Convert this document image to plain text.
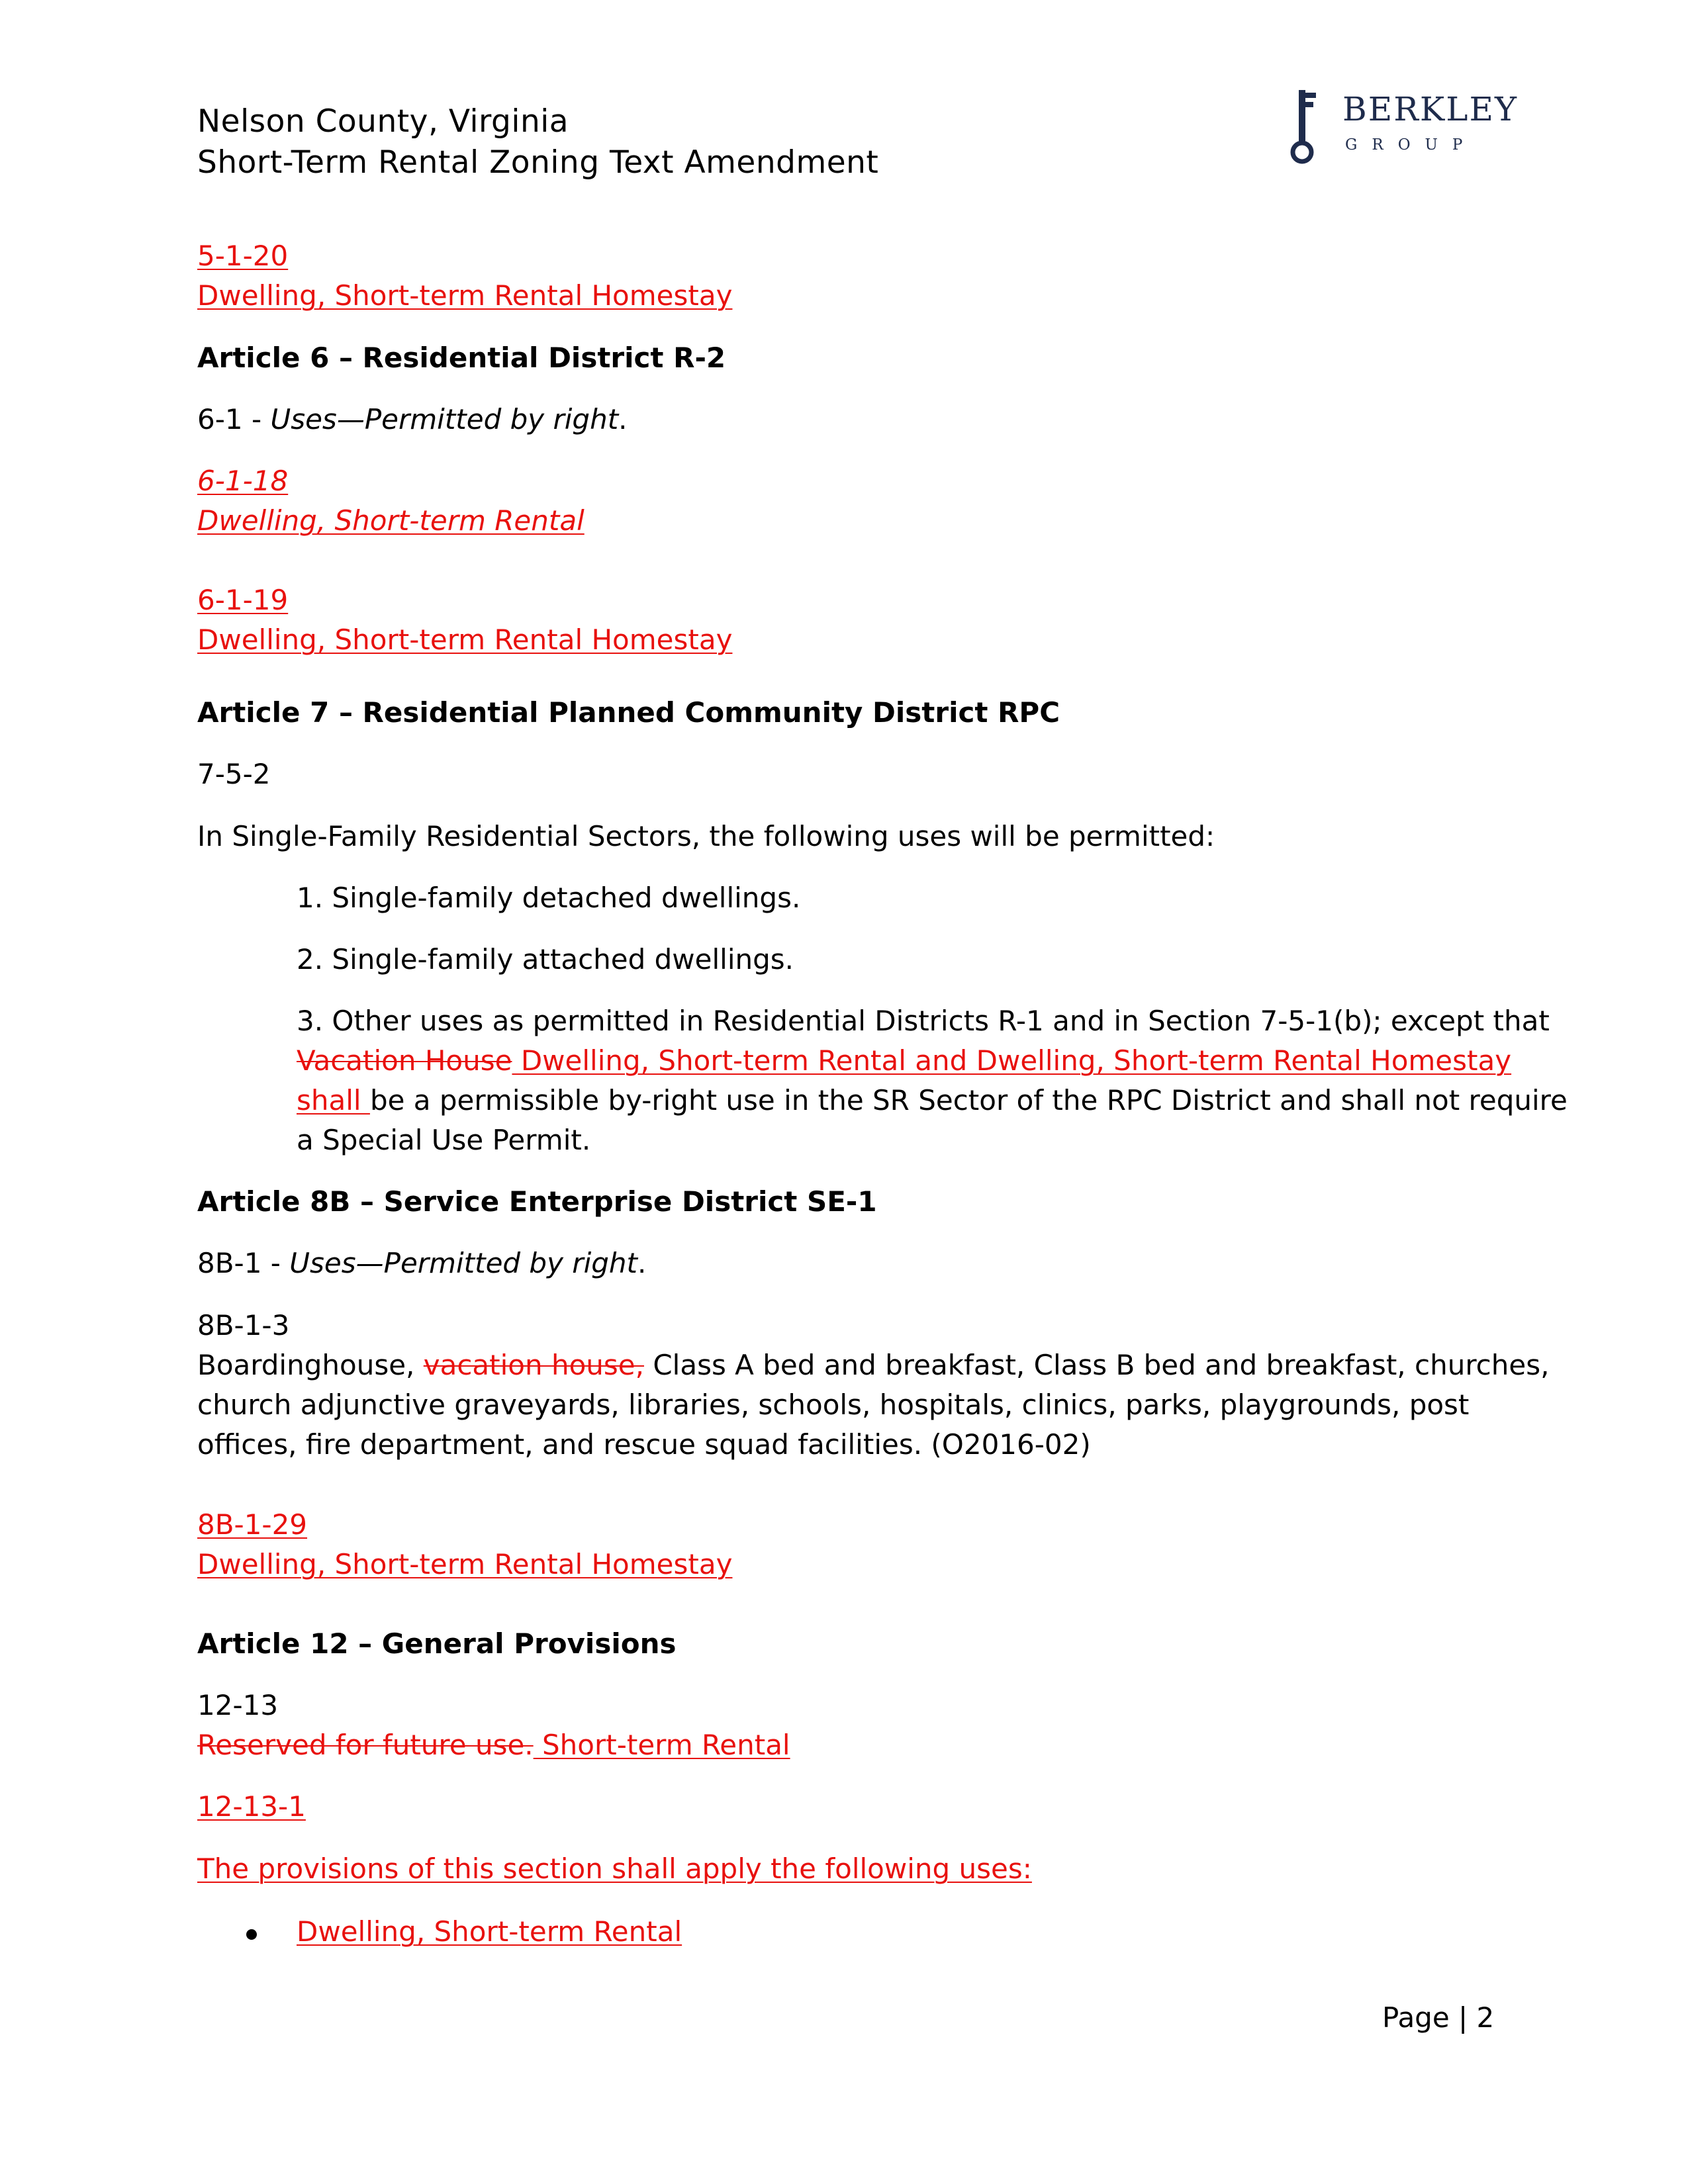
Nelson County, Virginia
Short-Term Rental Zoning Text Amendment
BERKLEY
GROUP
5-1-20
Dwelling, Short-term Rental Homestay
Article 6 – Residential District R-2
6-1 - Uses—Permitted by right.
6-1-18
Dwelling, Short-term Rental
6-1-19
Dwelling, Short-term Rental Homestay
Article 7 – Residential Planned Community District RPC
7-5-2
In Single-Family Residential Sectors, the following uses will be permitted:
1. Single-family detached dwellings.
2. Single-family attached dwellings.
3. Other uses as permitted in Residential Districts R-1 and in Section 7-5-1(b); except that
Vacation House Dwelling, Short-term Rental and Dwelling, Short-term Rental Homestay
shall be a permissible by-right use in the SR Sector of the RPC District and shall not require
a Special Use Permit.
Article 8B – Service Enterprise District SE-1
8B-1 - Uses—Permitted by right.
8B-1-3
Boardinghouse, vacation house, Class A bed and breakfast, Class B bed and breakfast, churches,
church adjunctive graveyards, libraries, schools, hospitals, clinics, parks, playgrounds, post
offices, fire department, and rescue squad facilities. (O2016-02)
8B-1-29
Dwelling, Short-term Rental Homestay
Article 12 – General Provisions
12-13
Reserved for future use. Short-term Rental
12-13-1
The provisions of this section shall apply the following uses:
Dwelling, Short-term Rental
Page | 2
